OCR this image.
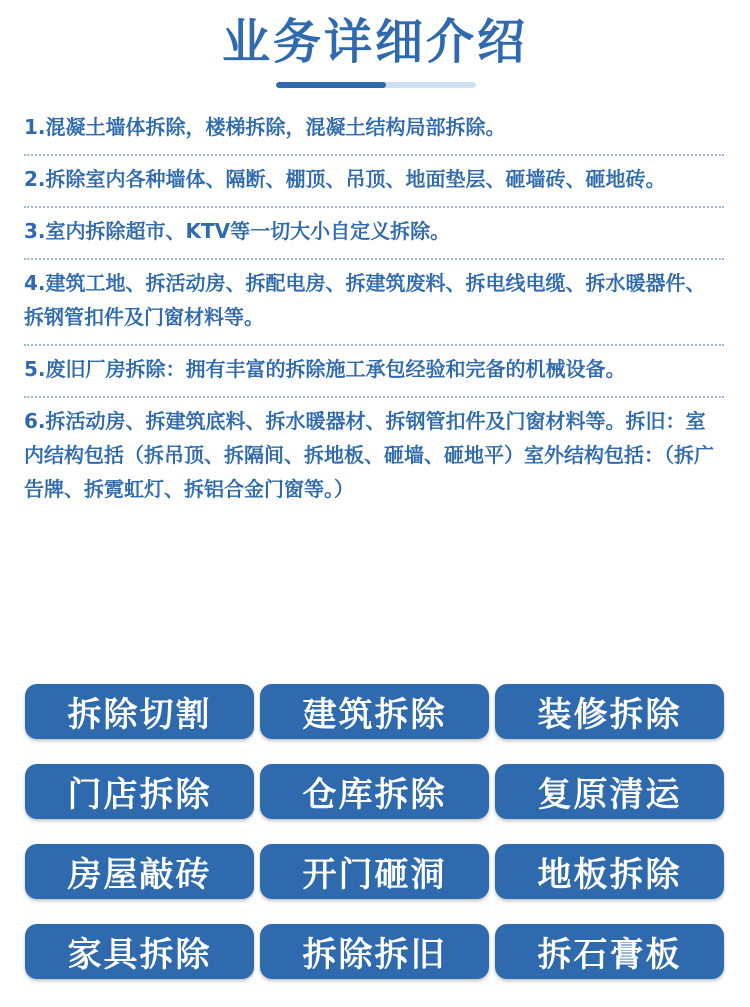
业务详细介绍
1.混凝土墙体拆除，楼梯拆除，混凝土结构局部拆除。
2.拆除室内各种墙体、隔断、棚顶、吊顶、地面垫层、砸墙砖、砸地砖。
3.室内拆除超市、KTV等一切大小自定义拆除。
4.建筑工地、拆活动房、拆配电房、拆建筑废料、拆电线电缆、拆水暖器件、拆钢管扣件及门窗材料等。
5.废旧厂房拆除：拥有丰富的拆除施工承包经验和完备的机械设备。
6.拆活动房、拆建筑底料、拆水暖器材、拆钢管扣件及门窗材料等。拆旧：室内结构包括（拆吊顶、拆隔间、拆地板、砸墙、砸地平）室外结构包括：（拆广告牌、拆霓虹灯、拆铝合金门窗等。）
拆除切割	建筑拆除	装修拆除
门店拆除	仓库拆除	复原清运
房屋敲砖	开门砸洞	地板拆除
家具拆除	拆除拆旧	拆石膏板
